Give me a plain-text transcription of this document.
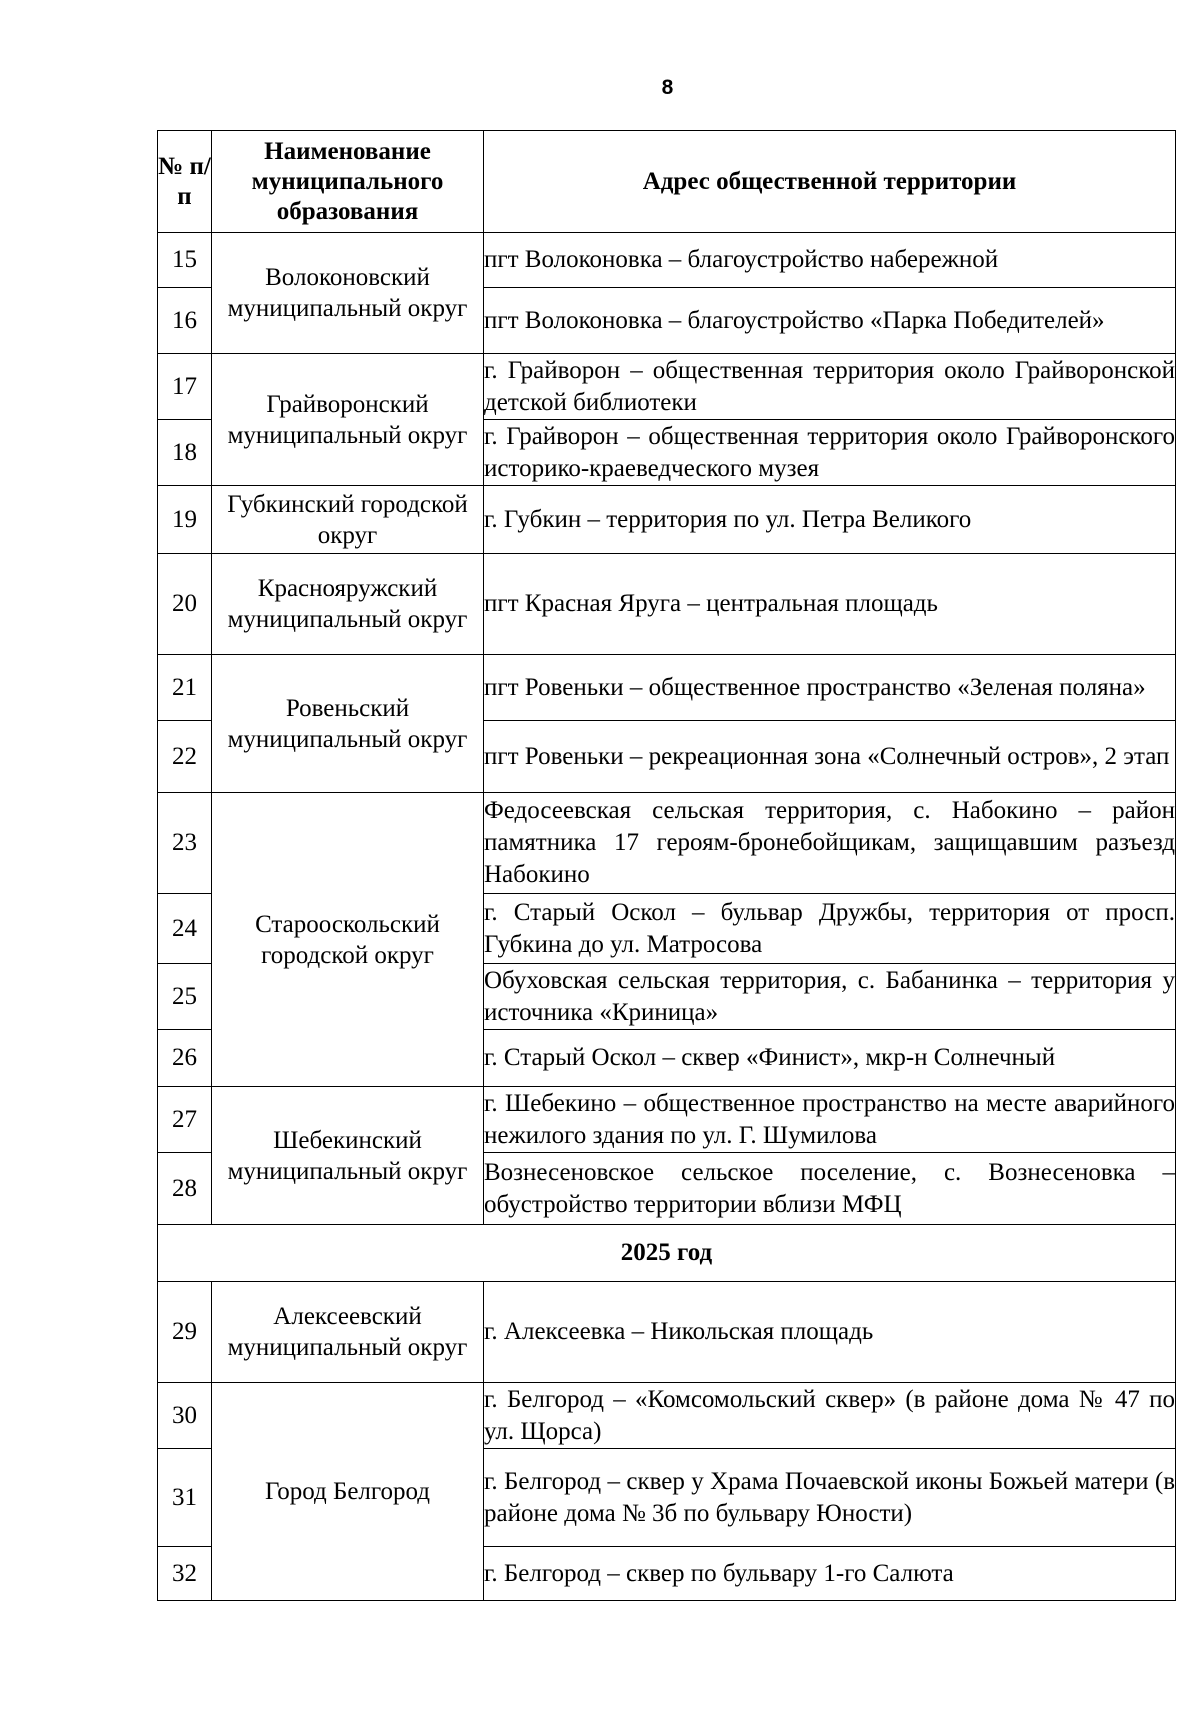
8
№ п/ п	Наименование муниципального образования	Адрес общественной территории
15	Волоконовский муниципальный округ	пгт Волоконовка – благоустройство набережной
16		пгт Волоконовка – благоустройство «Парка Победителей»
17	Грайворонский муниципальный округ	г. Грайворон – общественная территория около Грайворонской детской библиотеки
18		г. Грайворон – общественная территория около Грайворонского историко-краеведческого музея
19	Губкинский городской округ	г. Губкин – территория по ул. Петра Великого
20	Краснояружский муниципальный округ	пгт Красная Яруга – центральная площадь
21	Ровеньский муниципальный округ	пгт Ровеньки – общественное пространство «Зеленая поляна»
22		пгт Ровеньки – рекреационная зона «Солнечный остров», 2 этап
23	Старооскольский городской округ	Федосеевская сельская территория, с. Набокино – район памятника 17 героям-бронебойщикам, защищавшим разъезд Набокино
24		г. Старый Оскол – бульвар Дружбы, территория от просп. Губкина до ул. Матросова
25		Обуховская сельская территория, с. Бабанинка – территория у источника «Криница»
26		г. Старый Оскол – сквер «Финист», мкр-н Солнечный
27	Шебекинский муниципальный округ	г. Шебекино – общественное пространство на месте аварийного нежилого здания по ул. Г. Шумилова
28		Вознесеновское сельское поселение, с. Вознесеновка – обустройство территории вблизи МФЦ
2025 год		
29	Алексеевский муниципальный округ	г. Алексеевка – Никольская площадь
30	Город Белгород	г. Белгород – «Комсомольский сквер» (в районе дома № 47 по ул. Щорса)
31		г. Белгород – сквер у Храма Почаевской иконы Божьей матери (в районе дома № 3б по бульвару Юности)
32		г. Белгород – сквер по бульвару 1-го Салюта
